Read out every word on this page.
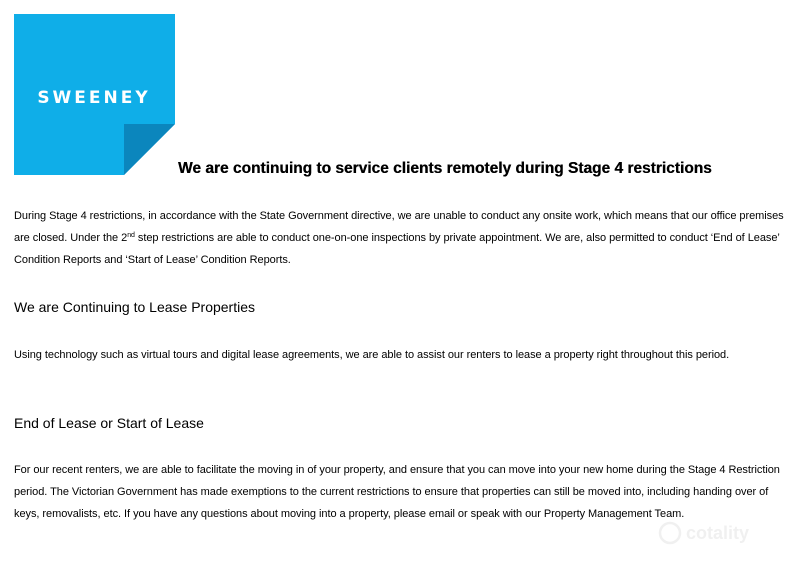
SWEENEY
We are continuing to service clients remotely during Stage 4 restrictions

During Stage 4 restrictions, in accordance with the State Government directive, we are unable to conduct any onsite work, which means that our office premises are closed. Under the 2nd step restrictions are able to conduct one-on-one inspections by private appointment. We are, also permitted to conduct ‘End of Lease’ Condition Reports and ‘Start of Lease’ Condition Reports.

We are Continuing to Lease Properties

Using technology such as virtual tours and digital lease agreements, we are able to assist our renters to lease a property right throughout this period.

End of Lease or Start of Lease

For our recent renters, we are able to facilitate the moving in of your property, and ensure that you can move into your new home during the Stage 4 Restriction period. The Victorian Government has made exemptions to the current restrictions to ensure that properties can still be moved into, including handing over of keys, removalists, etc. If you have any questions about moving into a property, please email or speak with our Property Management Team.

cotality
